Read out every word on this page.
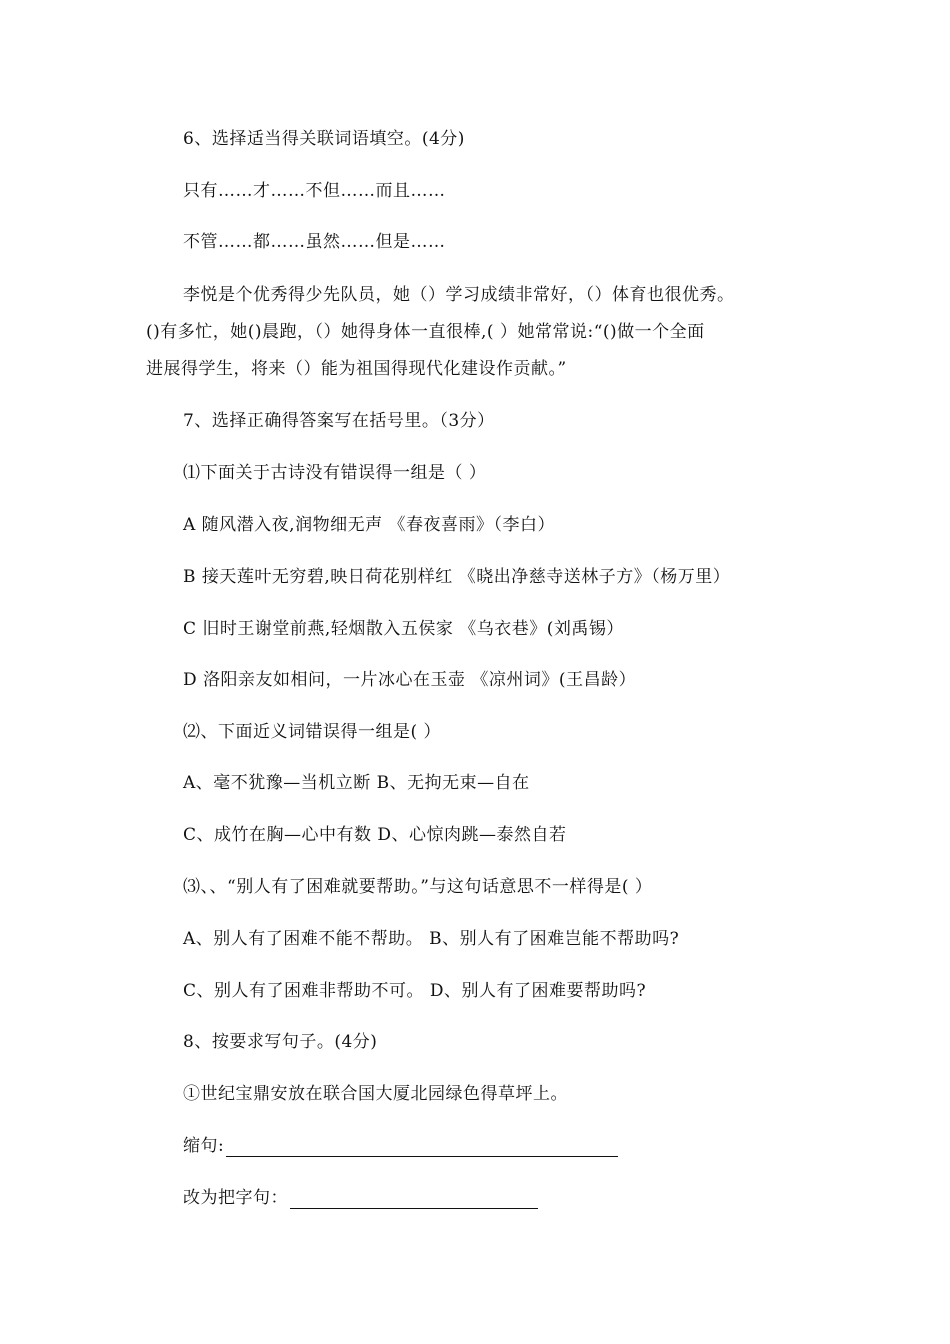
6、选择适当得关联词语填空。(4分)
只有……才……不但……而且……
不管……都……虽然……但是……
李悦是个优秀得少先队员，她（）学习成绩非常好，（）体育也很优秀。
()有多忙，她()晨跑，（）她得身体一直很棒,( ）她常常说:“()做一个全面
进展得学生，将来（）能为祖国得现代化建设作贡献。”
7、选择正确得答案写在括号里。（3分）
⑴下面关于古诗没有错误得一组是（ ）
A 随风潜入夜,润物细无声 《春夜喜雨》（李白）
B 接天莲叶无穷碧,映日荷花别样红 《晓出净慈寺送林子方》（杨万里）
C 旧时王谢堂前燕,轻烟散入五侯家 《乌衣巷》(刘禹锡）
D 洛阳亲友如相问，一片冰心在玉壶 《凉州词》(王昌龄）
⑵、下面近义词错误得一组是( ）
A、毫不犹豫—当机立断 B、无拘无束—自在
C、成竹在胸—心中有数 D、心惊肉跳—泰然自若
⑶、、“别人有了困难就要帮助。”与这句话意思不一样得是( ）
A、别人有了困难不能不帮助。 B、别人有了困难岂能不帮助吗?
C、别人有了困难非帮助不可。 D、别人有了困难要帮助吗?
8、按要求写句子。(4分)
①世纪宝鼎安放在联合国大厦北园绿色得草坪上。
缩句:
改为把字句：
